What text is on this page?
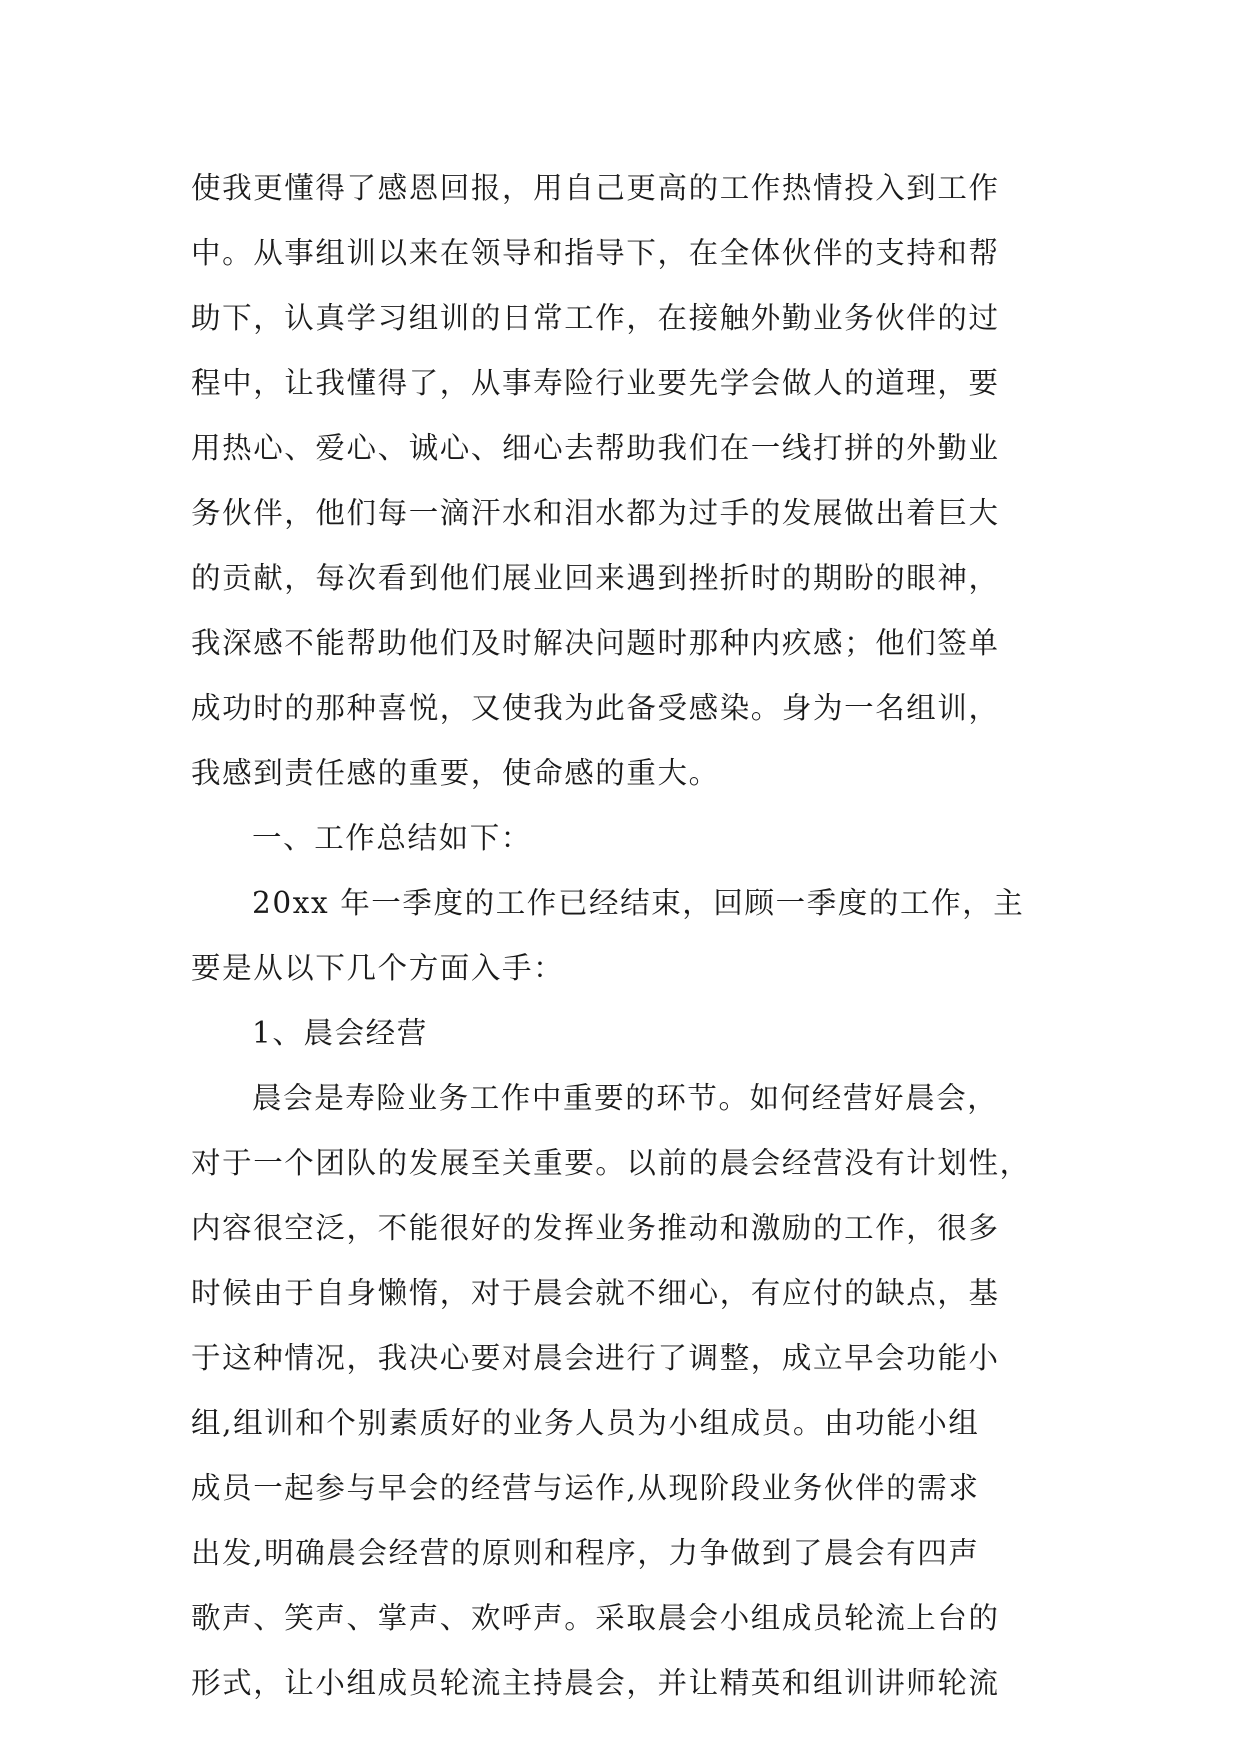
使我更懂得了感恩回报，用自己更高的工作热情投入到工作
中。从事组训以来在领导和指导下，在全体伙伴的支持和帮
助下，认真学习组训的日常工作，在接触外勤业务伙伴的过
程中，让我懂得了，从事寿险行业要先学会做人的道理，要
用热心、爱心、诚心、细心去帮助我们在一线打拼的外勤业
务伙伴，他们每一滴汗水和泪水都为过手的发展做出着巨大
的贡献，每次看到他们展业回来遇到挫折时的期盼的眼神，
我深感不能帮助他们及时解决问题时那种内疚感；他们签单
成功时的那种喜悦，又使我为此备受感染。身为一名组训，
我感到责任感的重要，使命感的重大。
一、工作总结如下：
20xx 年一季度的工作已经结束，回顾一季度的工作，主
要是从以下几个方面入手：
1、晨会经营
晨会是寿险业务工作中重要的环节。如何经营好晨会，
对于一个团队的发展至关重要。以前的晨会经营没有计划性，
内容很空泛，不能很好的发挥业务推动和激励的工作，很多
时候由于自身懒惰，对于晨会就不细心，有应付的缺点，基
于这种情况，我决心要对晨会进行了调整，成立早会功能小
组,组训和个别素质好的业务人员为小组成员。由功能小组
成员一起参与早会的经营与运作,从现阶段业务伙伴的需求
出发,明确晨会经营的原则和程序，力争做到了晨会有四声
歌声、笑声、掌声、欢呼声。采取晨会小组成员轮流上台的
形式，让小组成员轮流主持晨会，并让精英和组训讲师轮流
